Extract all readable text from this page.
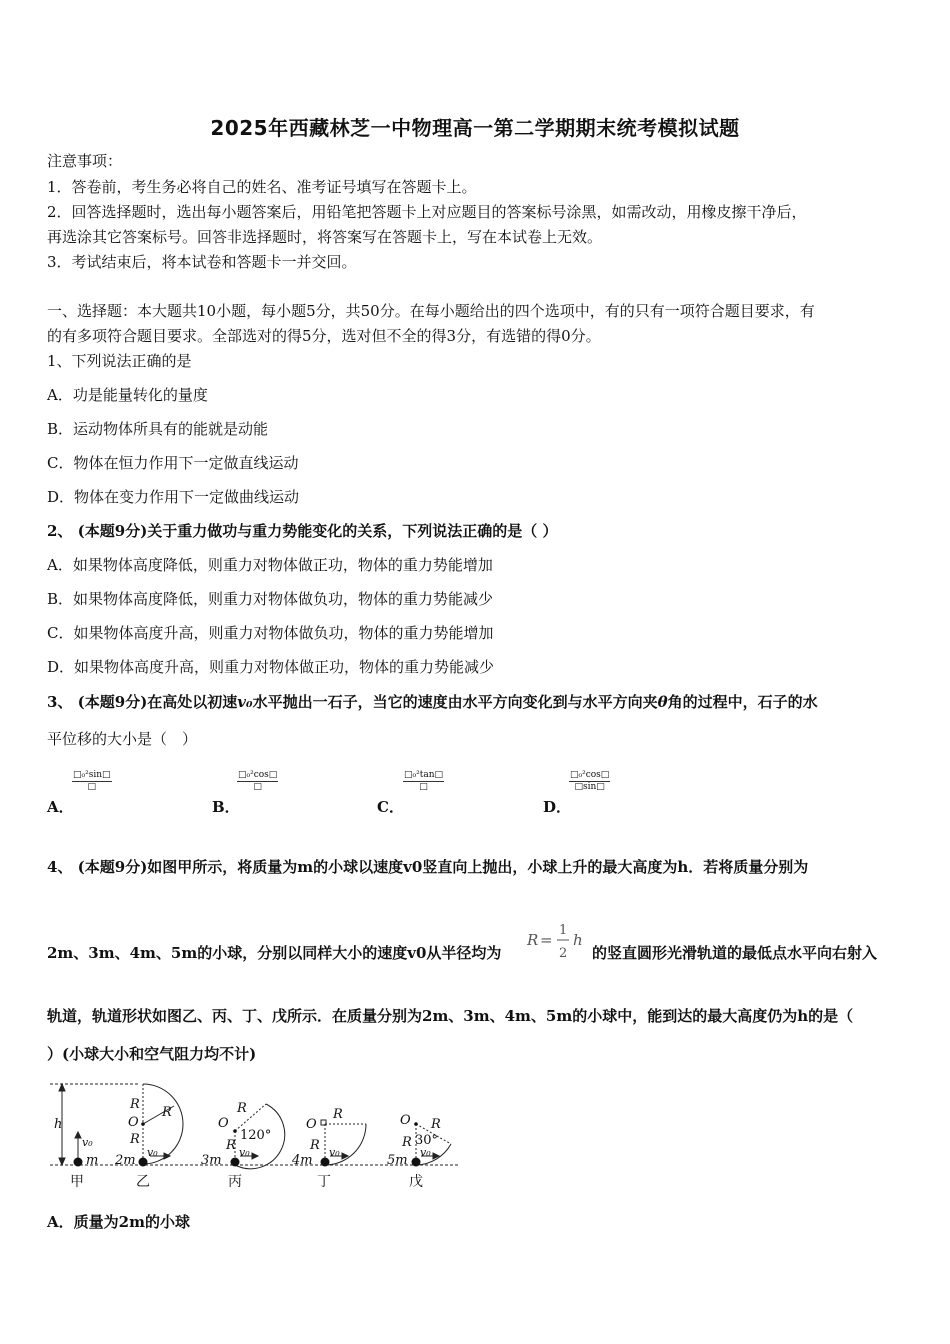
2025年西藏林芝一中物理高一第二学期期末统考模拟试题
注意事项：
1．答卷前，考生务必将自己的姓名、准考证号填写在答题卡上。
2．回答选择题时，选出每小题答案后，用铅笔把答题卡上对应题目的答案标号涂黑，如需改动，用橡皮擦干净后，
再选涂其它答案标号。回答非选择题时，将答案写在答题卡上，写在本试卷上无效。
3．考试结束后，将本试卷和答题卡一并交回。
一、选择题：本大题共10小题，每小题5分，共50分。在每小题给出的四个选项中，有的只有一项符合题目要求，有
的有多项符合题目要求。全部选对的得5分，选对但不全的得3分，有选错的得0分。
1、下列说法正确的是
A．功是能量转化的量度
B．运动物体所具有的能就是动能
C．物体在恒力作用下一定做直线运动
D．物体在变力作用下一定做曲线运动
2、 (本题9分)关于重力做功与重力势能变化的关系，下列说法正确的是（ ）
A．如果物体高度降低，则重力对物体做正功，物体的重力势能增加
B．如果物体高度降低，则重力对物体做负功，物体的重力势能减少
C．如果物体高度升高，则重力对物体做负功，物体的重力势能增加
D．如果物体高度升高，则重力对物体做正功，物体的重力势能减少
3、 (本题9分)在高处以初速v₀水平抛出一石子，当它的速度由水平方向变化到与水平方向夹θ角的过程中，石子的水
平位移的大小是（　）
A．
□₀²sin□
□
B．
□₀²cos□
□
C．
□₀²tan□
□
D．
$\frac{\text{□₀²cos□}}{□\sin□}$
4、 (本题9分)如图甲所示，将质量为m的小球以速度v0竖直向上抛出，小球上升的最大高度为h．若将质量分别为
2m、3m、4m、5m的小球，分别以同样大小的速度v0从半径均为
R =
1
2
h
的竖直圆形光滑轨道的最低点水平向右射入
轨道，轨道形状如图乙、丙、丁、戊所示．在质量分别为2m、3m、4m、5m的小球中，能到达的最大高度仍为h的是（
）(小球大小和空气阻力均不计)
h
v₀
m 2m
R
O
R
R
v₀
3m
O
R
R v₀
4m
O
R
R v₀
5m
O R
R
v₀
120°	30°
甲	乙	丙	丁	戊
A．质量为2m的小球
